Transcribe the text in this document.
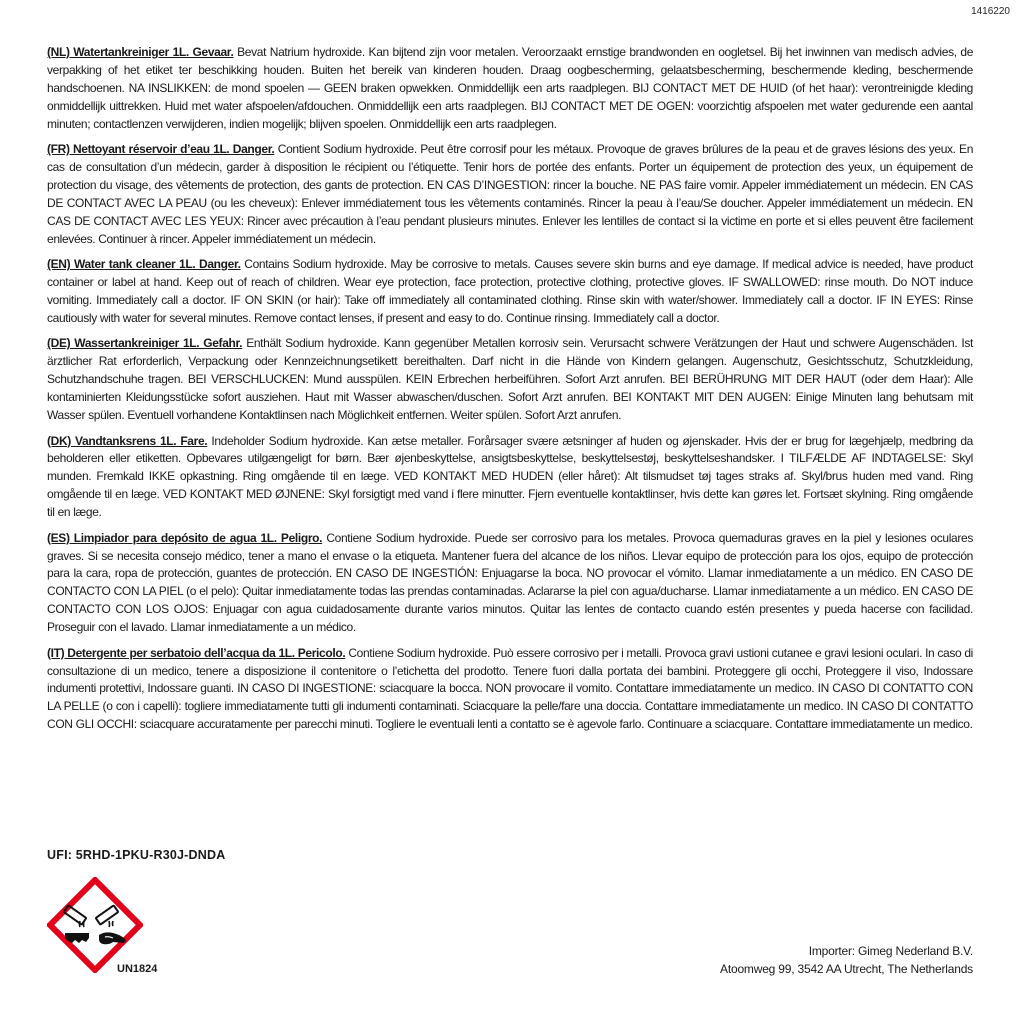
1416220

(NL) Watertankreiniger 1L. Gevaar. Bevat Natrium hydroxide. Kan bijtend zijn voor metalen. Veroorzaakt ernstige brandwonden en oogletsel. Bij het inwinnen van medisch advies, de verpakking of het etiket ter beschikking houden. Buiten het bereik van kinderen houden. Draag oogbescherming, gelaatsbescherming, beschermende kleding, beschermende handschoenen. NA INSLIKKEN: de mond spoelen — GEEN braken opwekken. Onmiddellijk een arts raadplegen. BIJ CONTACT MET DE HUID (of het haar): verontreinigde kleding onmiddellijk uittrekken. Huid met water afspoelen/afdouchen. Onmiddellijk een arts raadplegen. BIJ CONTACT MET DE OGEN: voorzichtig afspoelen met water gedurende een aantal minuten; contactlenzen verwijderen, indien mogelijk; blijven spoelen. Onmiddellijk een arts raadplegen.

(FR) Nettoyant réservoir d’eau 1L. Danger. Contient Sodium hydroxide. Peut être corrosif pour les métaux. Provoque de graves brûlures de la peau et de graves lésions des yeux. En cas de consultation d’un médecin, garder à disposition le récipient ou l’étiquette. Tenir hors de portée des enfants. Porter un équipement de protection des yeux, un équipement de protection du visage, des vêtements de protection, des gants de protection. EN CAS D’INGESTION: rincer la bouche. NE PAS faire vomir. Appeler immédiatement un médecin. EN CAS DE CONTACT AVEC LA PEAU (ou les cheveux): Enlever immédiatement tous les vêtements contaminés. Rincer la peau à l’eau/Se doucher. Appeler immédiatement un médecin. EN CAS DE CONTACT AVEC LES YEUX: Rincer avec précaution à l’eau pendant plusieurs minutes. Enlever les lentilles de contact si la victime en porte et si elles peuvent être facilement enlevées. Continuer à rincer. Appeler immédiatement un médecin.

(EN) Water tank cleaner 1L. Danger. Contains Sodium hydroxide. May be corrosive to metals. Causes severe skin burns and eye damage. If medical advice is needed, have product container or label at hand. Keep out of reach of children. Wear eye protection, face protection, protective clothing, protective gloves. IF SWALLOWED: rinse mouth. Do NOT induce vomiting. Immediately call a doctor. IF ON SKIN (or hair): Take off immediately all contaminated clothing. Rinse skin with water/shower. Immediately call a doctor. IF IN EYES: Rinse cautiously with water for several minutes. Remove contact lenses, if present and easy to do. Continue rinsing. Immediately call a doctor.

(DE) Wassertankreiniger 1L. Gefahr. Enthält Sodium hydroxide. Kann gegenüber Metallen korrosiv sein. Verursacht schwere Verätzungen der Haut und schwere Augenschäden. Ist ärztlicher Rat erforderlich, Verpackung oder Kennzeichnungsetikett bereithalten. Darf nicht in die Hände von Kindern gelangen. Augenschutz, Gesichtsschutz, Schutzkleidung, Schutzhandschuhe tragen. BEI VERSCHLUCKEN: Mund ausspülen. KEIN Erbrechen herbeiführen. Sofort Arzt anrufen. BEI BERÜHRUNG MIT DER HAUT (oder dem Haar): Alle kontaminierten Kleidungsstücke sofort ausziehen. Haut mit Wasser abwaschen/duschen. Sofort Arzt anrufen. BEI KONTAKT MIT DEN AUGEN: Einige Minuten lang behutsam mit Wasser spülen. Eventuell vorhandene Kontaktlinsen nach Möglichkeit entfernen. Weiter spülen. Sofort Arzt anrufen.

(DK) Vandtanksrens 1L. Fare. Indeholder Sodium hydroxide. Kan ætse metaller. Forårsager svære ætsninger af huden og øjenskader. Hvis der er brug for lægehjælp, medbring da beholderen eller etiketten. Opbevares utilgængeligt for børn. Bær øjenbeskyttelse, ansigtsbeskyttelse, beskyttelsestøj, beskyttelseshandsker. I TILFÆLDE AF INDTAGELSE: Skyl munden. Fremkald IKKE opkastning. Ring omgående til en læge. VED KONTAKT MED HUDEN (eller håret): Alt tilsmudset tøj tages straks af. Skyl/brus huden med vand. Ring omgående til en læge. VED KONTAKT MED ØJNENE: Skyl forsigtigt med vand i flere minutter. Fjern eventuelle kontaktlinser, hvis dette kan gøres let. Fortsæt skylning. Ring omgående til en læge.

(ES) Limpiador para depósito de agua 1L. Peligro. Contiene Sodium hydroxide. Puede ser corrosivo para los metales. Provoca quemaduras graves en la piel y lesiones oculares graves. Si se necesita consejo médico, tener a mano el envase o la etiqueta. Mantener fuera del alcance de los niños. Llevar equipo de protección para los ojos, equipo de protección para la cara, ropa de protección, guantes de protección. EN CASO DE INGESTIÓN: Enjuagarse la boca. NO provocar el vómito. Llamar inmediatamente a un médico. EN CASO DE CONTACTO CON LA PIEL (o el pelo): Quitar inmediatamente todas las prendas contaminadas. Aclararse la piel con agua/ducharse. Llamar inmediatamente a un médico. EN CASO DE CONTACTO CON LOS OJOS: Enjuagar con agua cuidadosamente durante varios minutos. Quitar las lentes de contacto cuando estén presentes y pueda hacerse con facilidad. Proseguir con el lavado. Llamar inmediatamente a un médico.

(IT) Detergente per serbatoio dell’acqua da 1L. Pericolo. Contiene Sodium hydroxide. Può essere corrosivo per i metalli. Provoca gravi ustioni cutanee e gravi lesioni oculari. In caso di consultazione di un medico, tenere a disposizione il contenitore o l’etichetta del prodotto. Tenere fuori dalla portata dei bambini. Proteggere gli occhi, Proteggere il viso, Indossare indumenti protettivi, Indossare guanti. IN CASO DI INGESTIONE: sciacquare la bocca. NON provocare il vomito. Contattare immediatamente un medico. IN CASO DI CONTATTO CON LA PELLE (o con i capelli): togliere immediatamente tutti gli indumenti contaminati. Sciacquare la pelle/fare una doccia. Contattare immediatamente un medico. IN CASO DI CONTATTO CON GLI OCCHI: sciacquare accuratamente per parecchi minuti. Togliere le eventuali lenti a contatto se è agevole farlo. Continuare a sciacquare. Contattare immediatamente un medico.

UFI: 5RHD-1PKU-R30J-DNDA
UN1824
Importer: Gimeg Nederland B.V.
Atoomweg 99, 3542 AA Utrecht, The Netherlands
